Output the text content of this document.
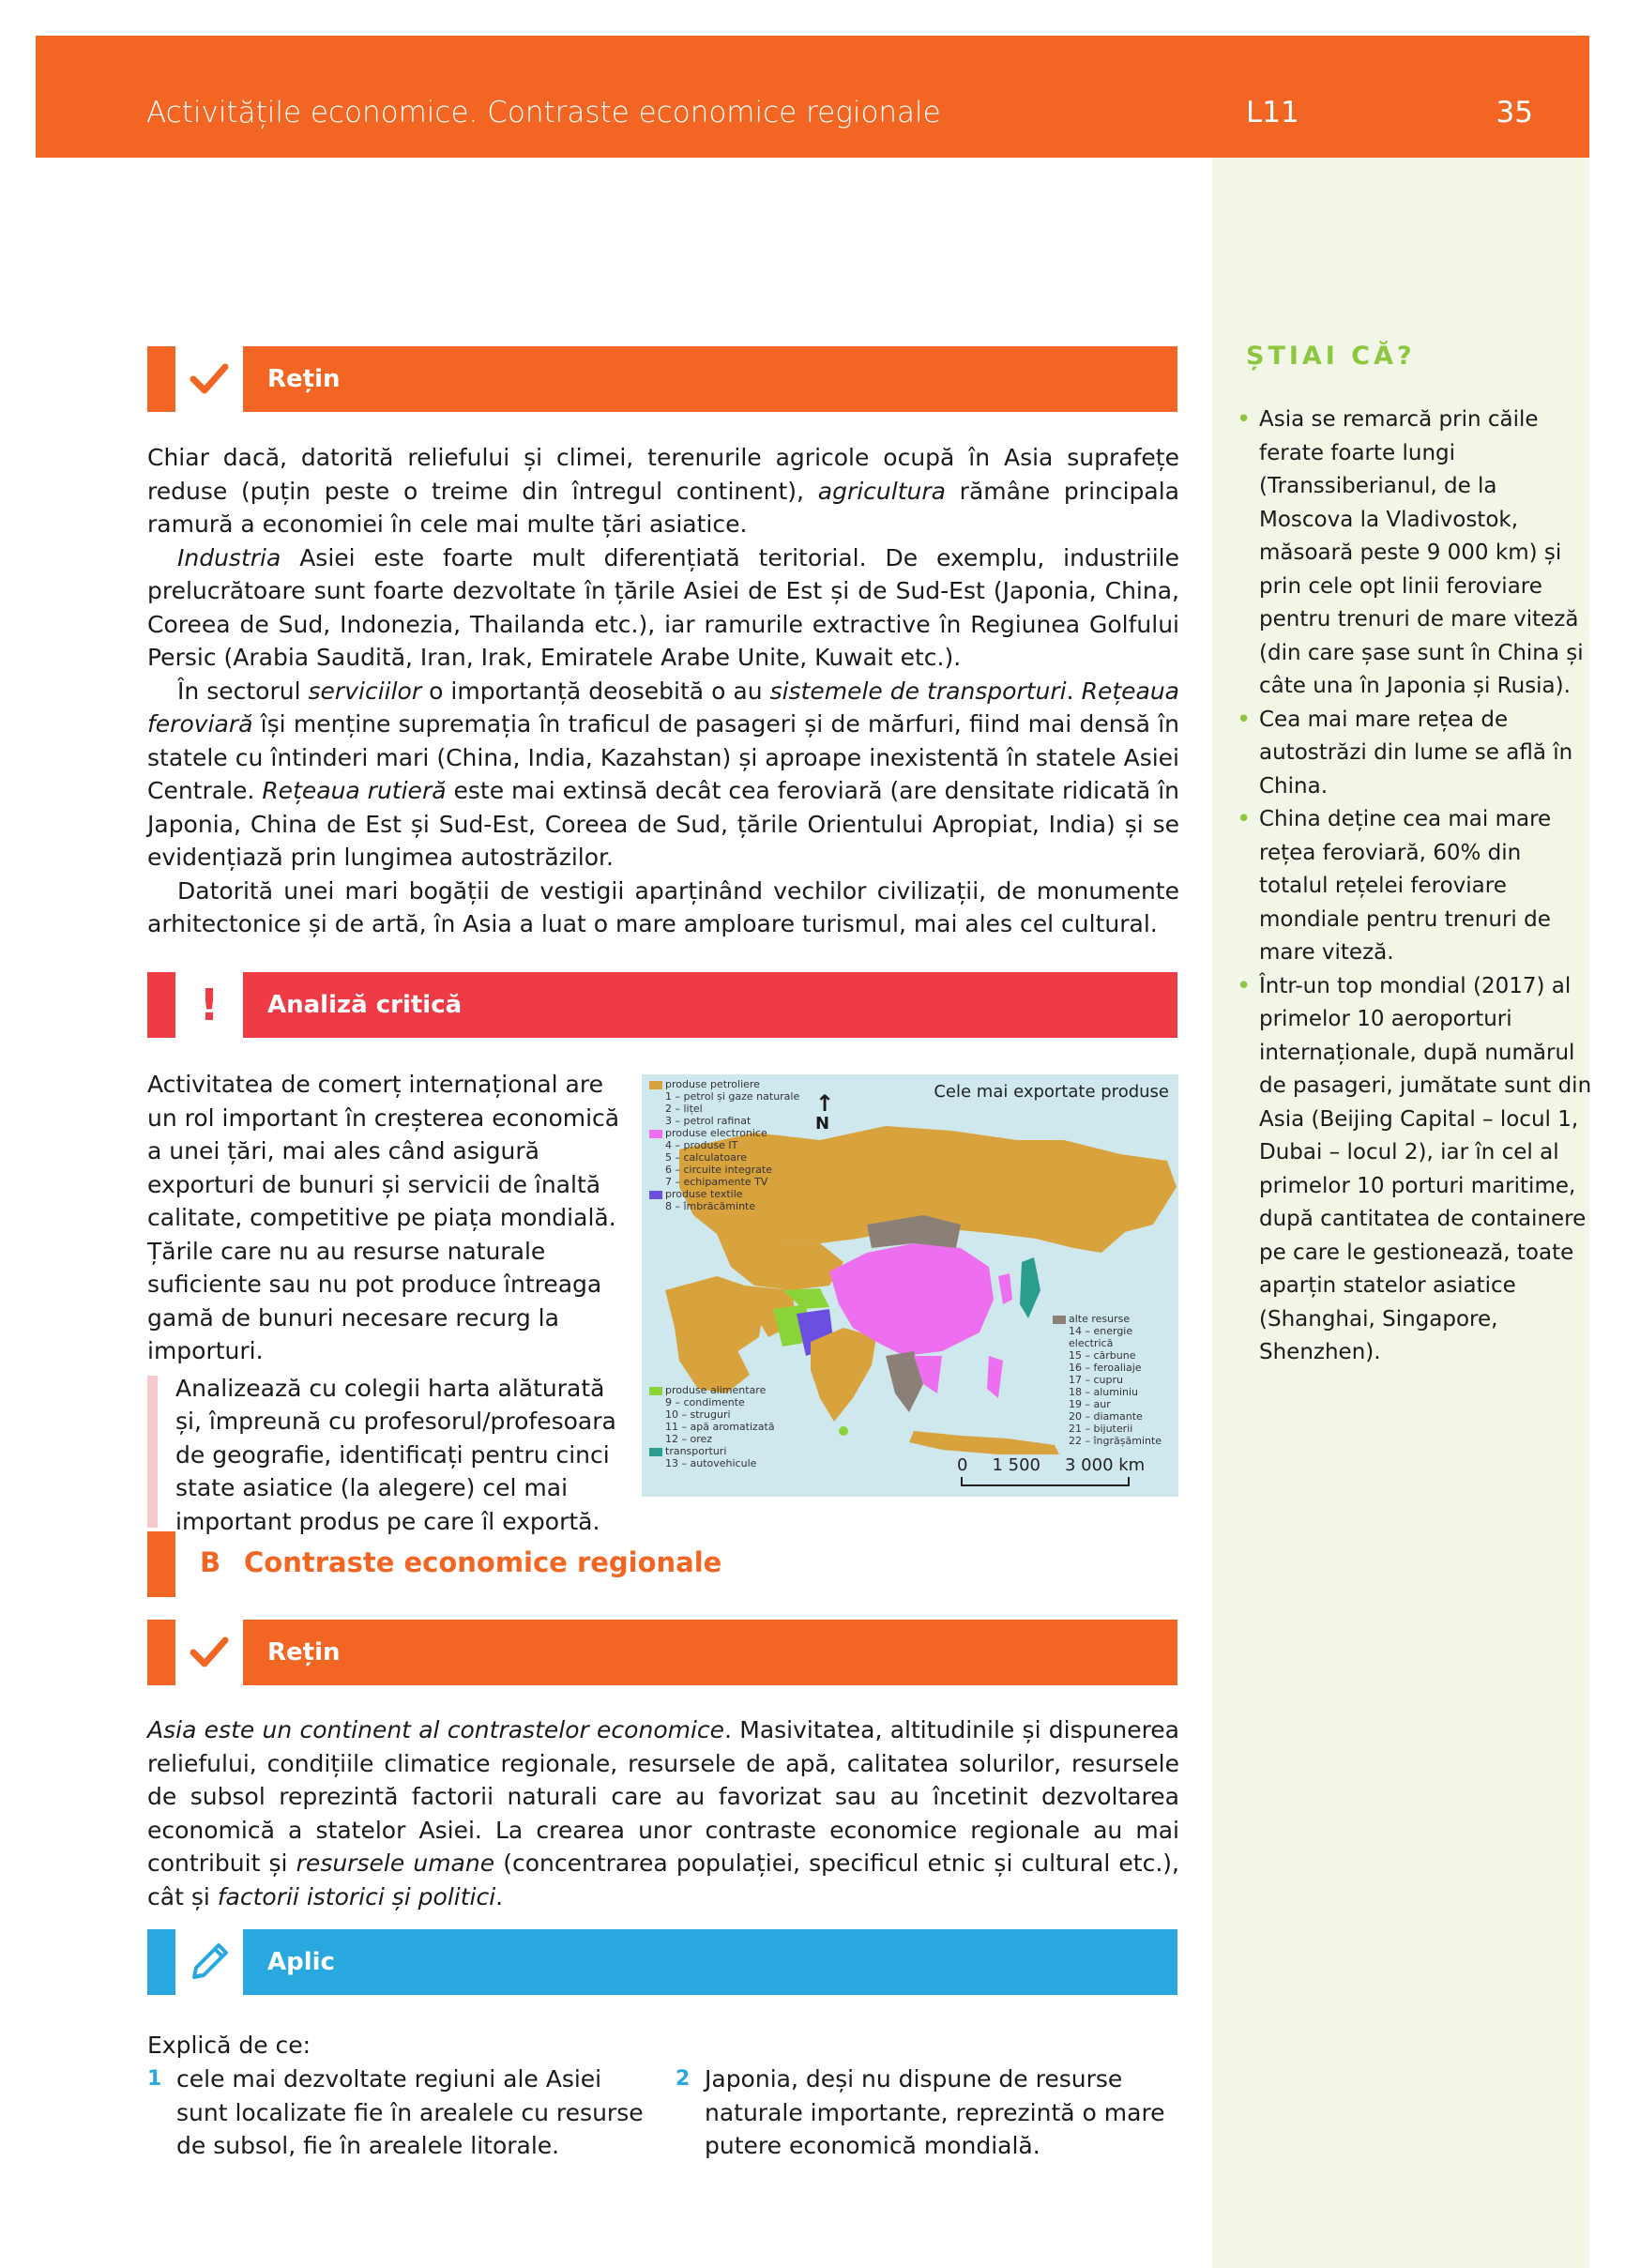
Activitățile economice. Contraste economice regionale	L11	35
ȘTIAI CĂ?
• Asia se remarcă prin căile ferate foarte lungi (Transsiberianul, de la Moscova la Vladivostok, măsoară peste 9 000 km) și prin cele opt linii feroviare pentru trenuri de mare viteză (din care șase sunt în China și câte una în Japonia și Rusia).
• Cea mai mare rețea de autostrăzi din lume se află în China.
• China deține cea mai mare rețea feroviară, 60% din totalul rețelei feroviare mondiale pentru trenuri de mare viteză.
• Într-un top mondial (2017) al primelor 10 aeroporturi internaționale, după numărul de pasageri, jumătate sunt din Asia (Beijing Capital – locul 1, Dubai – locul 2), iar în cel al primelor 10 porturi maritime, după cantitatea de containere pe care le gestionează, toate aparțin statelor asiatice (Shanghai, Singapore, Shenzhen).
Rețin

Chiar dacă, datorită reliefului și climei, terenurile agricole ocupă în Asia suprafețe reduse (puțin peste o treime din întregul continent), agricultura rămâne principala ramură a economiei în cele mai multe țări asiatice.

Industria Asiei este foarte mult diferențiată teritorial. De exemplu, industriile prelucrătoare sunt foarte dezvoltate în țările Asiei de Est și de Sud-Est (Japonia, China, Coreea de Sud, Indonezia, Thailanda etc.), iar ramurile extractive în Regiunea Golfului Persic (Arabia Saudită, Iran, Irak, Emiratele Arabe Unite, Kuwait etc.).

În sectorul serviciilor o importanță deosebită o au sistemele de transporturi. Rețeaua feroviară își menține supremația în traficul de pasageri și de mărfuri, fiind mai densă în statele cu întinderi mari (China, India, Kazahstan) și aproape inexistentă în statele Asiei Centrale. Rețeaua rutieră este mai extinsă decât cea feroviară (are densitate ridicată în Japonia, China de Est și Sud-Est, Coreea de Sud, țările Orientului Apropiat, India) și se evidențiază prin lungimea autostrăzilor.

Datorită unei mari bogății de vestigii aparținând vechilor civilizații, de monumente arhitectonice și de artă, în Asia a luat o mare amploare turismul, mai ales cel cultural.

!	Analiză critică

Activitatea de comerț internațional are un rol important în creșterea economică a unei țări, mai ales când asigură exporturi de bunuri și servicii de înaltă calitate, competitive pe piața mondială. Țările care nu au resurse naturale suficiente sau nu pot produce întreaga gamă de bunuri necesare recurg la importuri.

Analizează cu colegii harta alăturată și, împreună cu profesorul/profesoara de geografie, identificați pentru cinci state asiatice (la alegere) cel mai important produs pe care îl exportă.

produse petroliere
1 – petrol și gaze naturale
2 – lițel
3 – petrol rafinat
produse electronice
4 – produse IT
5 – calculatoare
6 – circuite integrate
7 – echipamente TV
produse textile
8 – îmbrăcăminte
produse alimentare
9 – condimente
10 – struguri
11 – apă aromatizată
12 – orez
transporturi
13 – autovehicule
alte resurse
14 – energie electrică
15 – cărbune
16 – feroaliaje
17 – cupru
18 – aluminiu
19 – aur
20 – diamante
21 – bijuterii
22 – îngrășăminte
Cele mai exportate produse
↑
N
0 1 500 3 000 km
B Contraste economice regionale
Rețin

Asia este un continent al contrastelor economice. Masivitatea, altitudinile și dispunerea reliefului, condițiile climatice regionale, resursele de apă, calitatea solurilor, resursele de subsol reprezintă factorii naturali care au favorizat sau au încetinit dezvoltarea economică a statelor Asiei. La crearea unor contraste economice regionale au mai contribuit și resursele umane (concentrarea populației, specificul etnic și cultural etc.), cât și factorii istorici și politici.

Aplic
Explică de ce:
1 cele mai dezvoltate regiuni ale Asiei sunt localizate fie în arealele cu resurse de subsol, fie în arealele litorale.
2 Japonia, deși nu dispune de resurse naturale importante, reprezintă o mare putere economică mondială.
